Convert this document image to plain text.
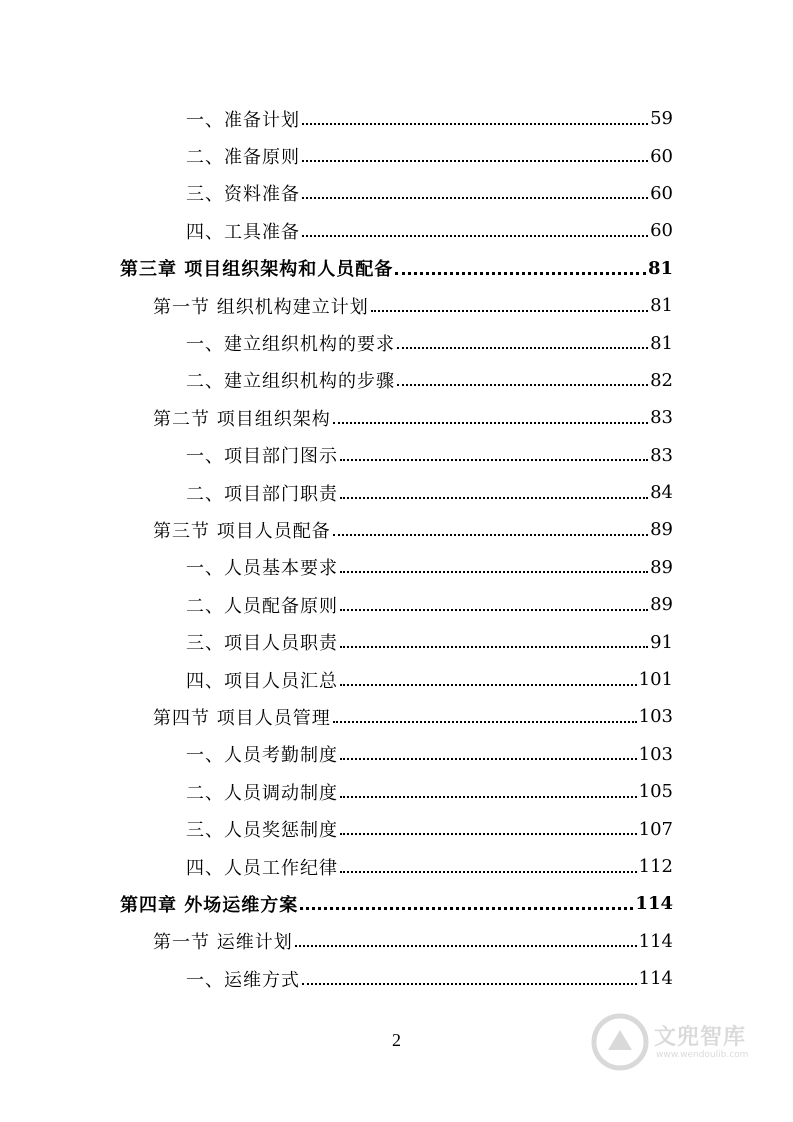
一、准备计划	59
二、准备原则	60
三、资料准备	60
四、工具准备	60
第三章 项目组织架构和人员配备	81
第一节 组织机构建立计划	81
一、建立组织机构的要求	81
二、建立组织机构的步骤	82
第二节 项目组织架构	83
一、项目部门图示	83
二、项目部门职责	84
第三节 项目人员配备	89
一、人员基本要求	89
二、人员配备原则	89
三、项目人员职责	91
四、项目人员汇总	101
第四节 项目人员管理	103
一、人员考勤制度	103
二、人员调动制度	105
三、人员奖惩制度	107
四、人员工作纪律	112
第四章 外场运维方案	114
第一节 运维计划	114
一、运维方式	114
2	文兜智库
www.wendoulib.com
